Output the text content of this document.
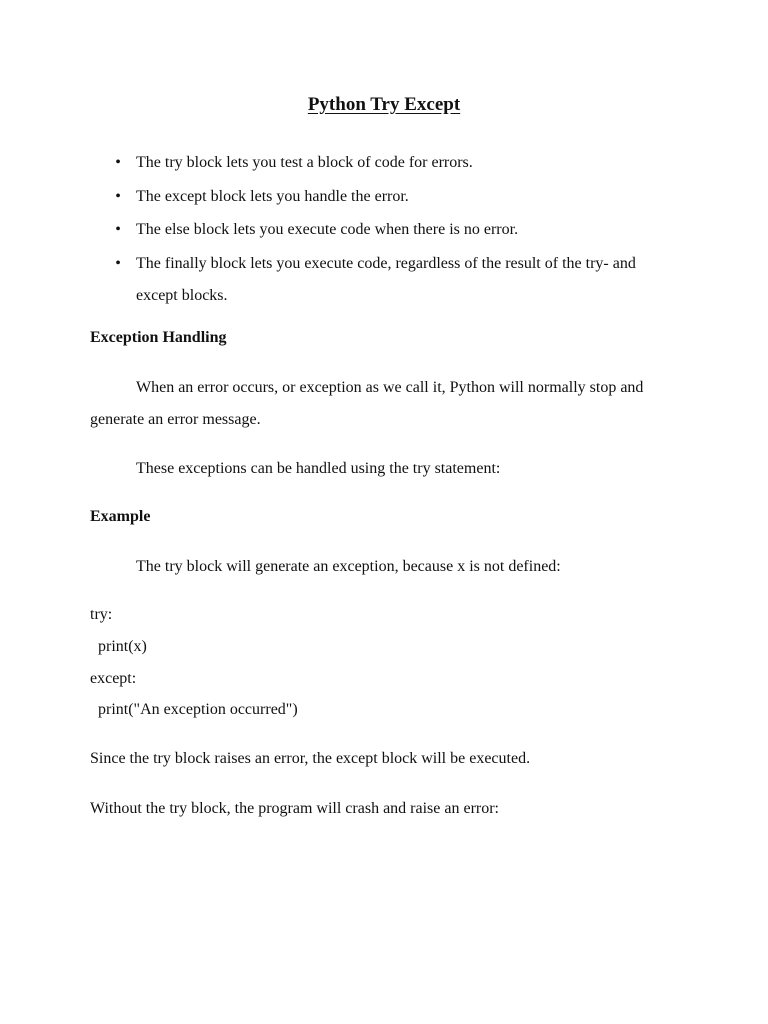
Python Try Except
• The try block lets you test a block of code for errors.
• The except block lets you handle the error.
• The else block lets you execute code when there is no error.
• The finally block lets you execute code, regardless of the result of the try- and except blocks.
Exception Handling

When an error occurs, or exception as we call it, Python will normally stop and generate an error message.

These exceptions can be handled using the try statement:

Example

The try block will generate an exception, because x is not defined:

try:

print(x)

except:

print("An exception occurred")

Since the try block raises an error, the except block will be executed.

Without the try block, the program will crash and raise an error:
